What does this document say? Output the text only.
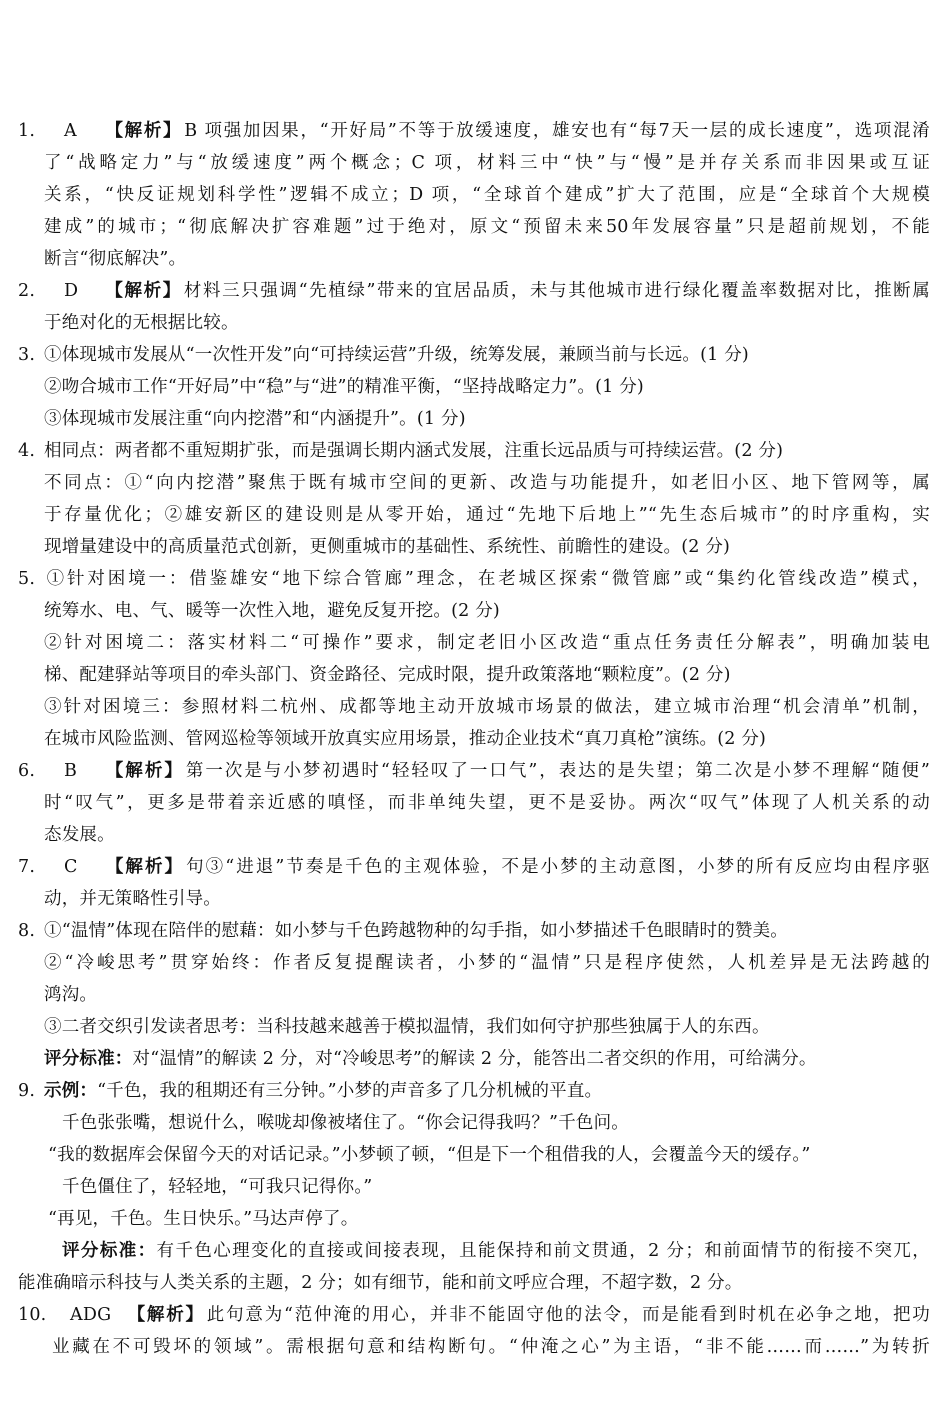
1. A 【解析】 B 项强加因果，“开好局”不等于放缓速度，雄安也有“每7天一层的成长速度”，选项混淆
了“战略定力”与“放缓速度”两个概念；C 项，材料三中“快”与“慢”是并存关系而非因果或互证
关系，“快反证规划科学性”逻辑不成立；D 项，“全球首个建成”扩大了范围，应是“全球首个大规模
建成”的城市；“彻底解决扩容难题”过于绝对，原文“预留未来50年发展容量”只是超前规划，不能
断言“彻底解决”。
2. D 【解析】 材料三只强调“先植绿”带来的宜居品质，未与其他城市进行绿化覆盖率数据对比，推断属
于绝对化的无根据比较。
3. ①体现城市发展从“一次性开发”向“可持续运营”升级，统筹发展，兼顾当前与长远。(1 分)
②吻合城市工作“开好局”中“稳”与“进”的精准平衡，“坚持战略定力”。(1 分)
③体现城市发展注重“向内挖潜”和“内涵提升”。(1 分)
4. 相同点：两者都不重短期扩张，而是强调长期内涵式发展，注重长远品质与可持续运营。(2 分)
不同点：①“向内挖潜”聚焦于既有城市空间的更新、改造与功能提升，如老旧小区、地下管网等，属
于存量优化；②雄安新区的建设则是从零开始，通过“先地下后地上”“先生态后城市”的时序重构，实
现增量建设中的高质量范式创新，更侧重城市的基础性、系统性、前瞻性的建设。(2 分)
5. ①针对困境一：借鉴雄安“地下综合管廊”理念，在老城区探索“微管廊”或“集约化管线改造”模式，
统筹水、电、气、暖等一次性入地，避免反复开挖。(2 分)
②针对困境二：落实材料二“可操作”要求，制定老旧小区改造“重点任务责任分解表”，明确加装电
梯、配建驿站等项目的牵头部门、资金路径、完成时限，提升政策落地“颗粒度”。(2 分)
③针对困境三：参照材料二杭州、成都等地主动开放城市场景的做法，建立城市治理“机会清单”机制，
在城市风险监测、管网巡检等领域开放真实应用场景，推动企业技术“真刀真枪”演练。(2 分)
6. B 【解析】 第一次是与小梦初遇时“轻轻叹了一口气”，表达的是失望；第二次是小梦不理解“随便”
时“叹气”，更多是带着亲近感的嗔怪，而非单纯失望，更不是妥协。两次“叹气”体现了人机关系的动
态发展。
7. C 【解析】 句③“进退”节奏是千色的主观体验，不是小梦的主动意图，小梦的所有反应均由程序驱
动，并无策略性引导。
8. ①“温情”体现在陪伴的慰藉：如小梦与千色跨越物种的勾手指，如小梦描述千色眼睛时的赞美。
②“冷峻思考”贯穿始终：作者反复提醒读者，小梦的“温情”只是程序使然，人机差异是无法跨越的
鸿沟。
③二者交织引发读者思考：当科技越来越善于模拟温情，我们如何守护那些独属于人的东西。
评分标准：对“温情”的解读 2 分，对“冷峻思考”的解读 2 分，能答出二者交织的作用，可给满分。
9. 示例：“千色，我的租期还有三分钟。”小梦的声音多了几分机械的平直。
千色张张嘴，想说什么，喉咙却像被堵住了。“你会记得我吗？”千色问。
“我的数据库会保留今天的对话记录。”小梦顿了顿，“但是下一个租借我的人，会覆盖今天的缓存。”
千色僵住了，轻轻地，“可我只记得你。”
“再见，千色。生日快乐。”马达声停了。
评分标准：有千色心理变化的直接或间接表现，且能保持和前文贯通，2 分；和前面情节的衔接不突兀，
能准确暗示科技与人类关系的主题，2 分；如有细节，能和前文呼应合理，不超字数，2 分。
10. ADG 【解析】 此句意为“范仲淹的用心，并非不能固守他的法令，而是能看到时机在必争之地，把功
业藏在不可毁坏的领域”。需根据句意和结构断句。“仲淹之心”为主语，“非不能……而……”为转折
